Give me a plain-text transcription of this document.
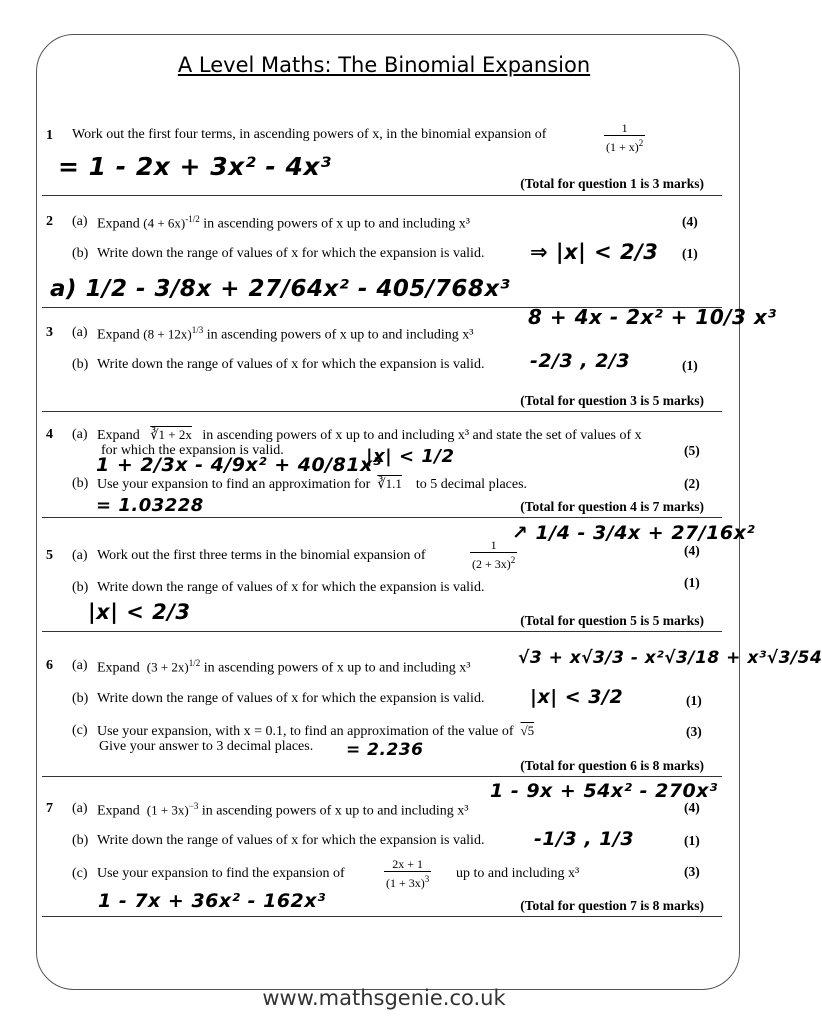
A Level Maths: The Binomial Expansion
1 Work out the first four terms, in ascending powers of x, in the binomial expansion of	$\frac{1}{(1 + x)^2}$
= 1 - 2x + 3x² - 4x³
(Total for question 1 is 3 marks)
2 (a) Expand $(4 + 6x)^{-1/2}$ in ascending powers of x up to and including x³	(4)
(b) Write down the range of values of x for which the expansion is valid. ⇒ |x| < 2/3 (1)
a) 1/2 - 3/8x + 27/64x² - 405/768x³
3 (a) Expand $(8 + 12x)^{1/3}$ in ascending powers of x up to and including x³
8 + 4x - 2x² + 10/3 x³
(b) Write down the range of values of x for which the expansion is valid. -2/3 , 2/3	(1)
(Total for question 3 is 5 marks)
4 (a) Expand ∛1 + 2x in ascending powers of x up to and including x³ and state the set of values of x
for which the expansion is valid.	(5)
1 + 2/3x - 4/9x² + 40/81x³
|x| < 1/2
(b) Use your expansion to find an approximation for ∛1.1 to 5 decimal places.	(2)
= 1.03228	(Total for question 4 is 7 marks)
5 (a) Work out the first three terms in the binomial expansion of	$\frac{1}{(2 + 3x)^2}$
↗ 1/4 - 3/4x + 27/16x²
(4)
(b) Write down the range of values of x for which the expansion is valid.	(1)
|x| < 2/3	(Total for question 5 is 5 marks)
6 (a) Expand $(3 + 2x)^{1/2}$ in ascending powers of x up to and including x³
√3 + x√3/3 - x²√3/18 + x³√3/54
(b) Write down the range of values of x for which the expansion is valid. |x| < 3/2	(1)
(c) Use your expansion, with x = 0.1, to find an approximation of the value of √5
Give your answer to 3 decimal places. = 2.236
(3)
(Total for question 6 is 8 marks)
7 (a) Expand $(1 + 3x)^{-3}$ in ascending powers of x up to and including x³
1 - 9x + 54x² - 270x³
(4)
(b) Write down the range of values of x for which the expansion is valid.	-1/3 , 1/3	(1)
(c) Use your expansion to find the expansion of	$\frac{2x + 1}{(1 + 3x)^3}$ up to and including x³	(3)
1 - 7x + 36x² - 162x³	(Total for question 7 is 8 marks)
www.mathsgenie.co.uk
